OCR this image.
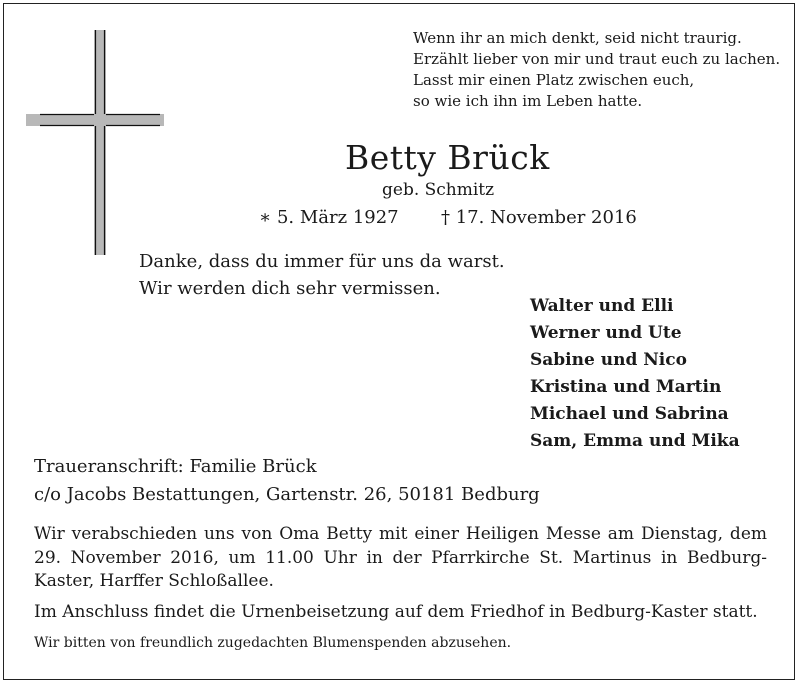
Wenn ihr an mich denkt, seid nicht traurig.
Erzählt lieber von mir und traut euch zu lachen.
Lasst mir einen Platz zwischen euch,
so wie ich ihn im Leben hatte.
Betty Brück
geb. Schmitz
∗ 5. März 1927 † 17. November 2016
Danke, dass du immer für uns da warst.
Wir werden dich sehr vermissen.
Walter und Elli
Werner und Ute
Sabine und Nico
Kristina und Martin
Michael und Sabrina
Sam, Emma und Mika
Traueranschrift: Familie Brück
c/o Jacobs Bestattungen, Gartenstr. 26, 50181 Bedburg

Wir verabschieden uns von Oma Betty mit einer Heiligen Messe am Dienstag, dem 29. November 2016, um 11.00 Uhr in der Pfarrkirche St. Martinus in Bedburg-Kaster, Harffer Schloßallee.

Im Anschluss findet die Urnenbeisetzung auf dem Friedhof in Bedburg-Kaster statt.
Wir bitten von freundlich zugedachten Blumenspenden abzusehen.
